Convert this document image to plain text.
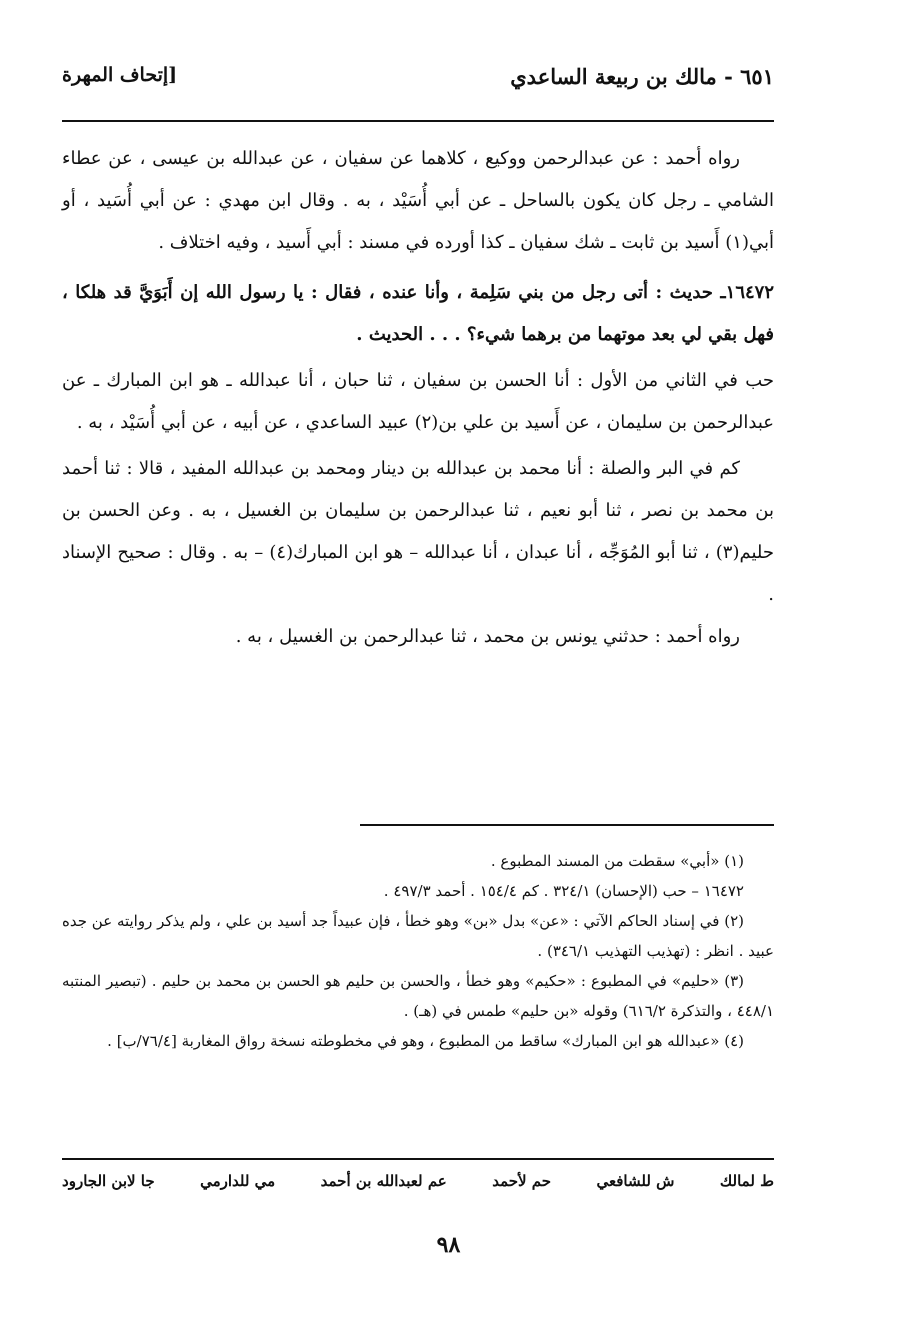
٦٥١ - مالك بن ربيعة الساعدي
[إتحاف المهرة

رواه أحمد : عن عبدالرحمن ووكيع ، كلاهما عن سفيان ، عن عبدالله بن عيسى ، عن عطاء الشامي ـ رجل كان يكون بالساحل ـ عن أبي أُسَيْد ، به . وقال ابن مهدي : عن أبي أُسَيد ، أو أبي(١) أَسيد بن ثابت ـ شك سفيان ـ كذا أورده في مسند : أبي أَسيد ، وفيه اختلاف .

١٦٤٧٢ـ حديث : أتى رجل من بني سَلِمة ، وأنا عنده ، فقال : يا رسول الله إن أَبَوَيَّ قد هلكا ، فهل بقي لي بعد موتهما من برهما شيء؟ . . . الحديث .

حب في الثاني من الأول : أنا الحسن بن سفيان ، ثنا حبان ، أنا عبدالله ـ هو ابن المبارك ـ عن عبدالرحمن بن سليمان ، عن أَسيد بن علي بن(٢) عبيد الساعدي ، عن أبيه ، عن أبي أُسَيْد ، به .

كم في البر والصلة : أنا محمد بن عبدالله بن دينار ومحمد بن عبدالله المفيد ، قالا : ثنا أحمد بن محمد بن نصر ، ثنا أبو نعيم ، ثنا عبدالرحمن بن سليمان بن الغسيل ، به . وعن الحسن بن حليم(٣) ، ثنا أبو المُوَجِّه ، أنا عبدان ، أنا عبدالله – هو ابن المبارك(٤) – به . وقال : صحيح الإسناد .

رواه أحمد : حدثني يونس بن محمد ، ثنا عبدالرحمن بن الغسيل ، به .

(١) «أبي» سقطت من المسند المطبوع .

١٦٤٧٢ – حب (الإحسان) ٣٢٤/١ . كم ١٥٤/٤ . أحمد ٤٩٧/٣ .

(٢) في إسناد الحاكم الآتي : «عن» بدل «بن» وهو خطأ ، فإن عبيداً جد أسيد بن علي ، ولم يذكر روايته عن جده عبيد . انظر : (تهذيب التهذيب ٣٤٦/١) .

(٣) «حليم» في المطبوع : «حكيم» وهو خطأ ، والحسن بن حليم هو الحسن بن محمد بن حليم . (تبصير المنتبه ٤٤٨/١ ، والتذكرة ٦١٦/٢) وقوله «بن حليم» طمس في (هـ) .

(٤) «عبدالله هو ابن المبارك» ساقط من المطبوع ، وهو في مخطوطته نسخة رواق المغاربة [٧٦/٤/ب] .

ط لمالك
ش للشافعي
حم لأحمد
عم لعبدالله بن أحمد
مي للدارمي
جا لابن الجارود
٩٨
